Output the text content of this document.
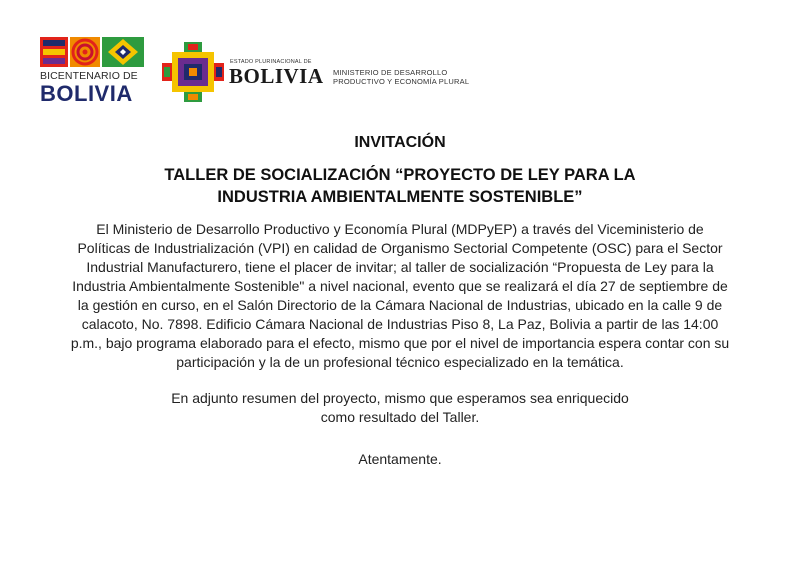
BICENTENARIO DE
BOLIVIA
ESTADO PLURINACIONAL DE
BOLIVIA MINISTERIO DE DESARROLLO
PRODUCTIVO Y ECONOMÍA PLURAL

INVITACIÓN

TALLER DE SOCIALIZACIÓN “PROYECTO DE LEY PARA LA
INDUSTRIA AMBIENTALMENTE SOSTENIBLE”

El Ministerio de Desarrollo Productivo y Economía Plural (MDPyEP) a través del Viceministerio de Políticas de Industrialización (VPI) en calidad de Organismo Sectorial Competente (OSC) para el Sector Industrial Manufacturero, tiene el placer de invitar; al taller de socialización “Propuesta de Ley para la Industria Ambientalmente Sostenible" a nivel nacional, evento que se realizará el día 27 de septiembre de la gestión en curso, en el Salón Directorio de la Cámara Nacional de Industrias, ubicado en la calle 9 de calacoto, No. 7898. Edificio Cámara Nacional de Industrias Piso 8, La Paz, Bolivia a partir de las 14:00 p.m., bajo programa elaborado para el efecto, mismo que por el nivel de importancia espera contar con su participación y la de un profesional técnico especializado en la temática.

En adjunto resumen del proyecto, mismo que esperamos sea enriquecido
como resultado del Taller.

Atentamente.
